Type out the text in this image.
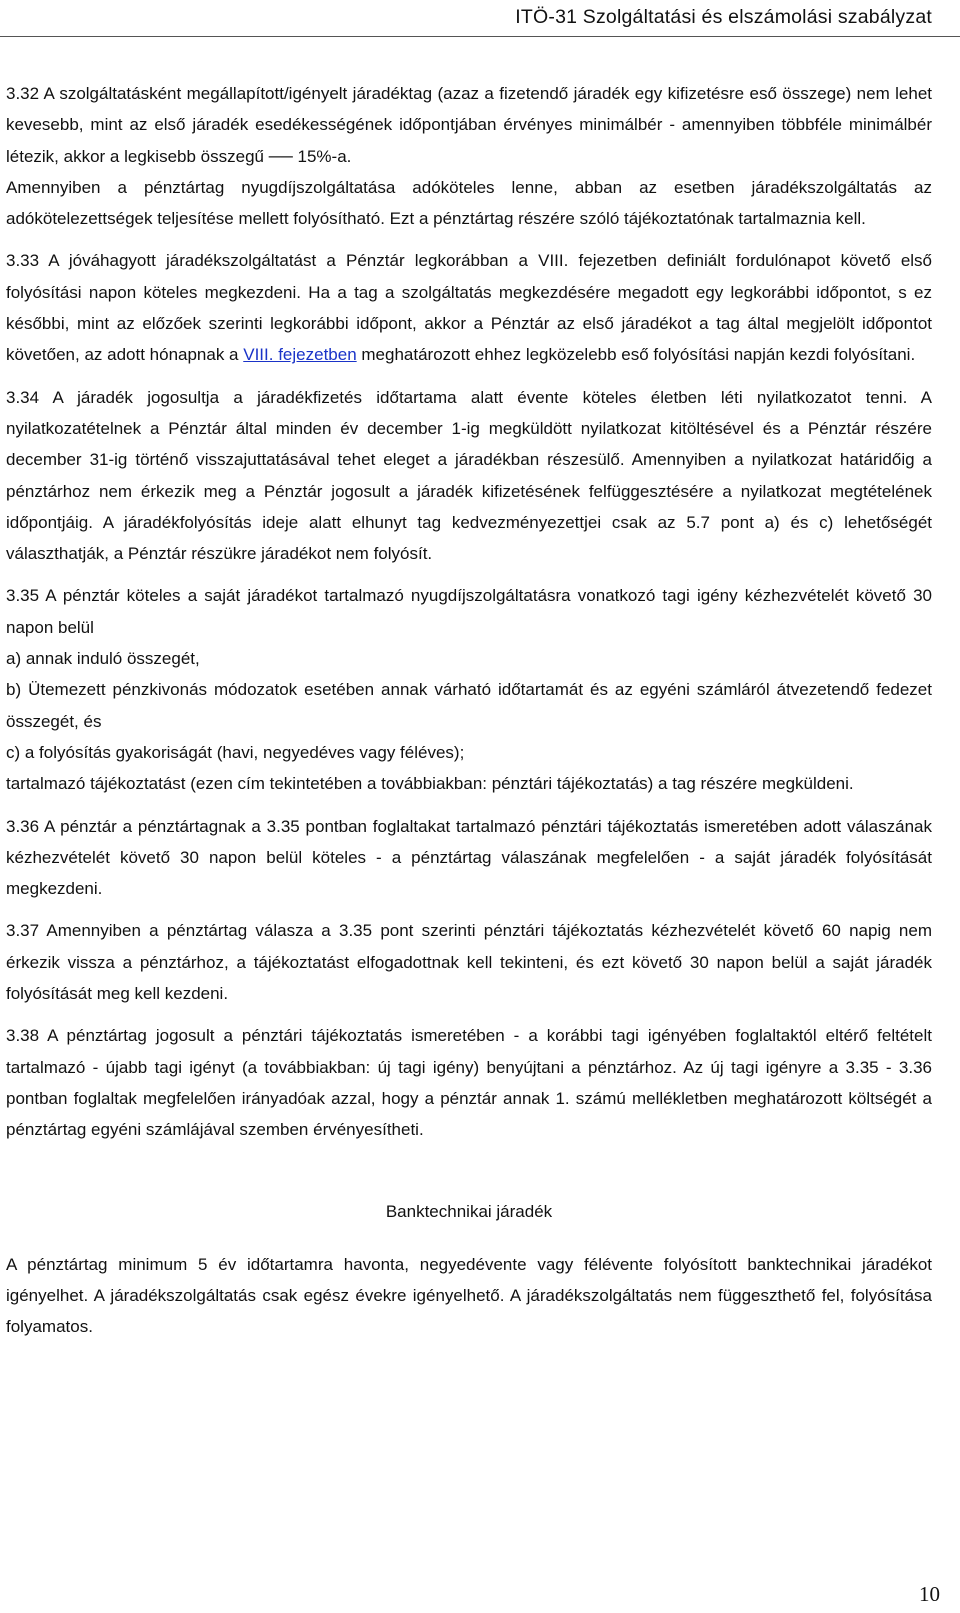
ITÖ-31 Szolgáltatási és elszámolási szabályzat

3.32 A szolgáltatásként megállapított/igényelt járadéktag (azaz a fizetendő járadék egy kifizetésre eső összege) nem lehet kevesebb, mint az első járadék esedékességének időpontjában érvényes minimálbér - amennyiben többféle minimálbér létezik, akkor a legkisebb összegű ── 15%-a.
Amennyiben a pénztártag nyugdíjszolgáltatása adóköteles lenne, abban az esetben járadékszolgáltatás az adókötelezettségek teljesítése mellett folyósítható. Ezt a pénztártag részére szóló tájékoztatónak tartalmaznia kell.

3.33 A jóváhagyott járadékszolgáltatást a Pénztár legkorábban a VIII. fejezetben definiált fordulónapot követő első folyósítási napon köteles megkezdeni. Ha a tag a szolgáltatás megkezdésére megadott egy legkorábbi időpontot, s ez későbbi, mint az előzőek szerinti legkorábbi időpont, akkor a Pénztár az első járadékot a tag által megjelölt időpontot követően, az adott hónapnak a VIII. fejezetben meghatározott ehhez legközelebb eső folyósítási napján kezdi folyósítani.

3.34 A járadék jogosultja a járadékfizetés időtartama alatt évente köteles életben léti nyilatkozatot tenni. A nyilatkozatételnek a Pénztár által minden év december 1-ig megküldött nyilatkozat kitöltésével és a Pénztár részére december 31-ig történő visszajuttatásával tehet eleget a járadékban részesülő. Amennyiben a nyilatkozat határidőig a pénztárhoz nem érkezik meg a Pénztár jogosult a járadék kifizetésének felfüggesztésére a nyilatkozat megtételének időpontjáig. A járadékfolyósítás ideje alatt elhunyt tag kedvezményezettjei csak az 5.7 pont a) és c) lehetőségét választhatják, a Pénztár részükre járadékot nem folyósít.

3.35 A pénztár köteles a saját járadékot tartalmazó nyugdíjszolgáltatásra vonatkozó tagi igény kézhezvételét követő 30 napon belül
a) annak induló összegét,
b) Ütemezett pénzkivonás módozatok esetében annak várható időtartamát és az egyéni számláról átvezetendő fedezet összegét, és
c) a folyósítás gyakoriságát (havi, negyedéves vagy féléves);
tartalmazó tájékoztatást (ezen cím tekintetében a továbbiakban: pénztári tájékoztatás) a tag részére megküldeni.

3.36 A pénztár a pénztártagnak a 3.35 pontban foglaltakat tartalmazó pénztári tájékoztatás ismeretében adott válaszának kézhezvételét követő 30 napon belül köteles - a pénztártag válaszának megfelelően - a saját járadék folyósítását megkezdeni.

3.37 Amennyiben a pénztártag válasza a 3.35 pont szerinti pénztári tájékoztatás kézhezvételét követő 60 napig nem érkezik vissza a pénztárhoz, a tájékoztatást elfogadottnak kell tekinteni, és ezt követő 30 napon belül a saját járadék folyósítását meg kell kezdeni.

3.38 A pénztártag jogosult a pénztári tájékoztatás ismeretében - a korábbi tagi igényében foglaltaktól eltérő feltételt tartalmazó - újabb tagi igényt (a továbbiakban: új tagi igény) benyújtani a pénztárhoz. Az új tagi igényre a 3.35 - 3.36 pontban foglaltak megfelelően irányadóak azzal, hogy a pénztár annak 1. számú mellékletben meghatározott költségét a pénztártag egyéni számlájával szemben érvényesítheti.

Banktechnikai járadék

A pénztártag minimum 5 év időtartamra havonta, negyedévente vagy félévente folyósított banktechnikai járadékot igényelhet. A járadékszolgáltatás csak egész évekre igényelhető. A járadékszolgáltatás nem függeszthető fel, folyósítása folyamatos.

10
